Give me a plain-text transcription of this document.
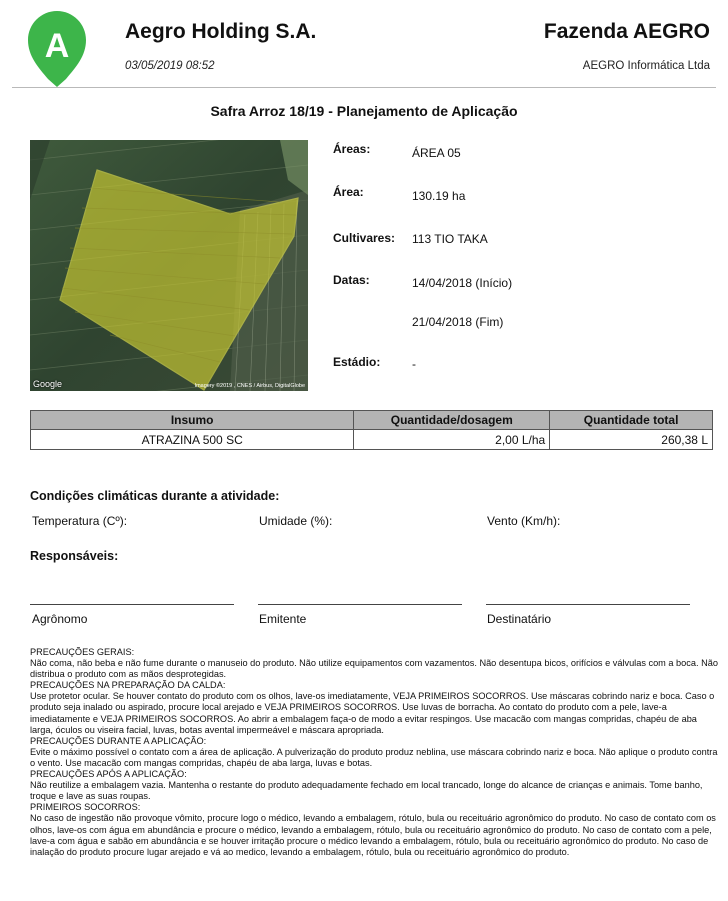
A	Aegro Holding S.A.
03/05/2019 08:52
Fazenda AEGRO
AEGRO Informática Ltda
Safra Arroz 18/19 - Planejamento de Aplicação
Google	Imagery ©2019 , CNES / Airbus, DigitalGlobe
Áreas:	ÁREA 05
Área:	130.19 ha
Cultivares: 113 TIO TAKA
Datas:	14/04/2018 (Início)
21/04/2018 (Fim)
Estádio:	-
Insumo	Quantidade/dosagem	Quantidade total
ATRAZINA 500 SC	2,00 L/ha	260,38 L
Condições climáticas durante a atividade:
Temperatura (Cº):	Umidade (%):	Vento (Km/h):
Responsáveis:
Agrônomo	Emitente	Destinatário

PRECAUÇÕES GERAIS:

Não coma, não beba e não fume durante o manuseio do produto. Não utilize equipamentos com vazamentos. Não desentupa bicos, orifícios e válvulas com a boca. Não distribua o produto com as mãos desprotegidas.

PRECAUÇÕES NA PREPARAÇÃO DA CALDA:

Use protetor ocular. Se houver contato do produto com os olhos, lave-os imediatamente, VEJA PRIMEIROS SOCORROS. Use máscaras cobrindo nariz e boca. Caso o produto seja inalado ou aspirado, procure local arejado e VEJA PRIMEIROS SOCORROS. Use luvas de borracha. Ao contato do produto com a pele, lave-a imediatamente e VEJA PRIMEIROS SOCORROS. Ao abrir a embalagem faça-o de modo a evitar respingos. Use macacão com mangas compridas, chapéu de aba larga, óculos ou viseira facial, luvas, botas avental impermeável e máscara apropriada.

PRECAUÇÕES DURANTE A APLICAÇÃO:

Evite o máximo possível o contato com a área de aplicação. A pulverização do produto produz neblina, use máscara cobrindo nariz e boca. Não aplique o produto contra o vento. Use macacão com mangas compridas, chapéu de aba larga, luvas e botas.

PRECAUÇÕES APÓS A APLICAÇÃO:

Não reutilize a embalagem vazia. Mantenha o restante do produto adequadamente fechado em local trancado, longe do alcance de crianças e animais. Tome banho, troque e lave as suas roupas.

PRIMEIROS SOCORROS:

No caso de ingestão não provoque vômito, procure logo o médico, levando a embalagem, rótulo, bula ou receituário agronômico do produto. No caso de contato com os olhos, lave-os com água em abundância e procure o médico, levando a embalagem, rótulo, bula ou receituário agronômico do produto. No caso de contato com a pele, lave-a com água e sabão em abundância e se houver irritação procure o médico levando a embalagem, rótulo, bula ou receituário agronômico do produto. No caso de inalação do produto procure lugar arejado e vá ao medico, levando a embalagem, rótulo, bula ou receituário agronômico do produto.
